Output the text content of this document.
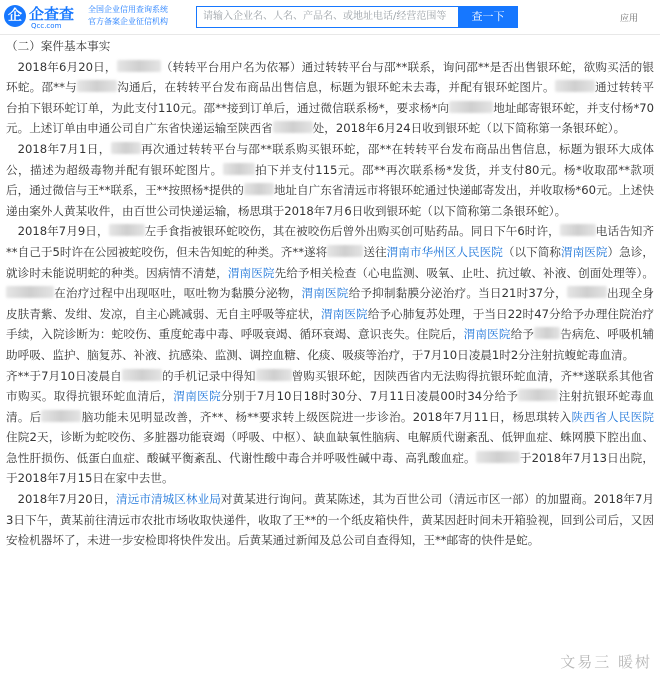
企 企查查
Qcc.com
全国企业信用查询系统
官方备案企业征信机构	请输入企业名、人名、产品名、或地址电话/经营范围等	查一下	应用

（二）案件基本事实

 2018年6月20日，	（转转平台用户名为依幂）通过转转平台与邵**联系，询问邵**是否出售银环蛇，欲购买活的银环蛇。邵**与	沟通后，在转转平台发布商品出售信息，标题为银环蛇未去毒，并配有银环蛇图片。	通过转转平台拍下银环蛇订单，为此支付110元。邵**接到订单后，通过微信联系杨*，要求杨*向	地址邮寄银环蛇，并支付杨*70元。上述订单由申通公司自广东省快递运输至陕西省	处，2018年6月24日收到银环蛇（以下简称第一条银环蛇）。

 2018年7月1日，	再次通过转转平台与邵**联系购买银环蛇，邵**在转转平台发布商品出售信息，标题为银环大成体公，描述为超级毒物并配有银环蛇图片。	拍下并支付115元。邵**再次联系杨*发货，并支付80元。杨*收取邵**款项后，通过微信与王**联系，王**按照杨*提供的	地址自广东省清远市将银环蛇通过快递邮寄发出，并收取杨*60元。上述快递由案外人黄某收件，由百世公司快递运输，杨思琪于2018年7月6日收到银环蛇（以下简称第二条银环蛇）。

 2018年7月9日，	左手食指被银环蛇咬伤，其在被咬伤后曾外出购买创可贴药品。同日下午6时许，	电话告知齐**自己于5时许在公园被蛇咬伤，但未告知蛇的种类。齐**遂将	送往渭南市华州区人民医院（以下简称渭南医院）急诊，就诊时未能说明蛇的种类。因病情不清楚，渭南医院先给予相关检查（心电监测、吸氧、止吐、抗过敏、补液、创面处理等）。在治疗过程中出现呕吐，呕吐物为黏膜分泌物，渭南医院给予抑制黏膜分泌治疗。当日21时37分，	出现全身皮肤青紫、发绀、发凉，自主心跳减弱、无自主呼吸等症状，渭南医院给予心肺复苏处理，于当日22时47分给予办理住院治疗手续，入院诊断为：蛇咬伤、重度蛇毒中毒、呼吸衰竭、循环衰竭、意识丧失。住院后，渭南医院给予 告病危、呼吸机辅助呼吸、监护、脑复苏、补液、抗感染、监测、调控血糖、化痰、吸痰等治疗，于7月10日凌晨1时2分注射抗蝮蛇毒血清。

齐**于7月10日凌晨自	的手机记录中得知	曾购买银环蛇，因陕西省内无法购得抗银环蛇血清，齐**遂联系其他省市购买。取得抗银环蛇血清后，渭南医院分别于7月10日18时30分、7月11日凌晨00时34分给予	注射抗银环蛇毒血清。后	脑功能未见明显改善，齐**、杨**要求转上级医院进一步诊治。2018年7月11日，杨思琪转入陕西省人民医院住院2天，诊断为蛇咬伤、多脏器功能衰竭（呼吸、中枢）、缺血缺氧性脑病、电解质代谢紊乱、低钾血症、蛛网膜下腔出血、急性肝损伤、低蛋白血症、酸碱平衡紊乱、代谢性酸中毒合并呼吸性碱中毒、高乳酸血症。	于2018年7月13日出院，于2018年7月15日在家中去世。

 2018年7月20日，清远市清城区林业局对黄某进行询问。黄某陈述，其为百世公司（清远市区一部）的加盟商。2018年7月3日下午，黄某前往清远市农批市场收取快递件，收取了王**的一个纸皮箱快件，黄某因赶时间未开箱验视，回到公司后，又因安检机器坏了，未进一步安检即将快件发出。后黄某通过新闻及总公司自查得知，王**邮寄的快件是蛇。

文易三 暖树
